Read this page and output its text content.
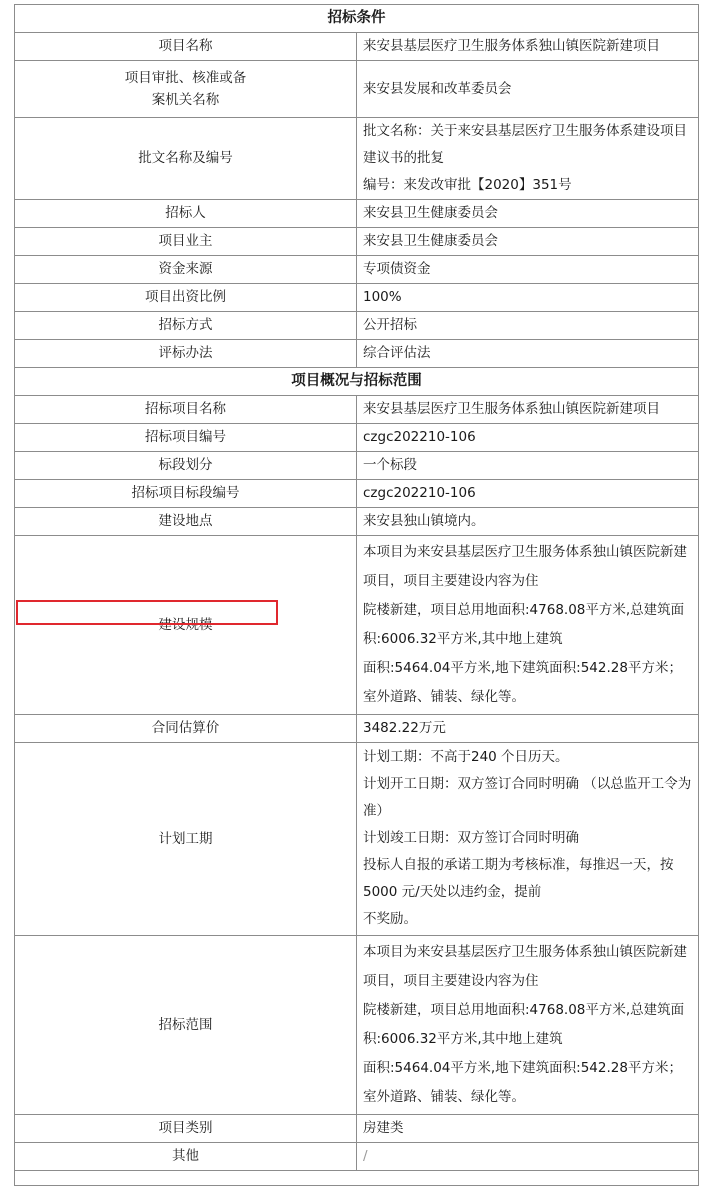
招标条件	
项目名称	来安县基层医疗卫生服务体系独山镇医院新建项目

项目审批、核准或备
案机关名称	来安县发展和改革委员会
批文名称及编号	批文名称：关于来安县基层医疗卫生服务体系建设项目建议书的批复
编号：来发改审批【2020】351号

招标人	来安县卫生健康委员会
项目业主	来安县卫生健康委员会
资金来源	专项债资金
项目出资比例	100%
招标方式	公开招标
评标办法	综合评估法
项目概况与招标范围	
招标项目名称	来安县基层医疗卫生服务体系独山镇医院新建项目
招标项目编号	czgc202210-106
标段划分	一个标段
招标项目标段编号	czgc202210-106
建设地点	来安县独山镇境内。
建设规模	本项目为来安县基层医疗卫生服务体系独山镇医院新建项目，项目主要建设内容为住
院楼新建，项目总用地面积:4768.08平方米,总建筑面积:6006.32平方米,其中地上建筑
面积:5464.04平方米,地下建筑面积:542.28平方米；室外道路、铺装、绿化等。

合同估算价	3482.22万元
计划工期	计划工期：不高于240 个日历天。
计划开工日期：双方签订合同时明确 （以总监开工令为准）
计划竣工日期：双方签订合同时明确
投标人自报的承诺工期为考核标准，每推迟一天，按 5000 元/天处以违约金，提前
不奖励。

招标范围	本项目为来安县基层医疗卫生服务体系独山镇医院新建项目，项目主要建设内容为住
院楼新建，项目总用地面积:4768.08平方米,总建筑面积:6006.32平方米,其中地上建筑
面积:5464.04平方米,地下建筑面积:542.28平方米；室外道路、铺装、绿化等。

项目类别	房建类
其他	/
